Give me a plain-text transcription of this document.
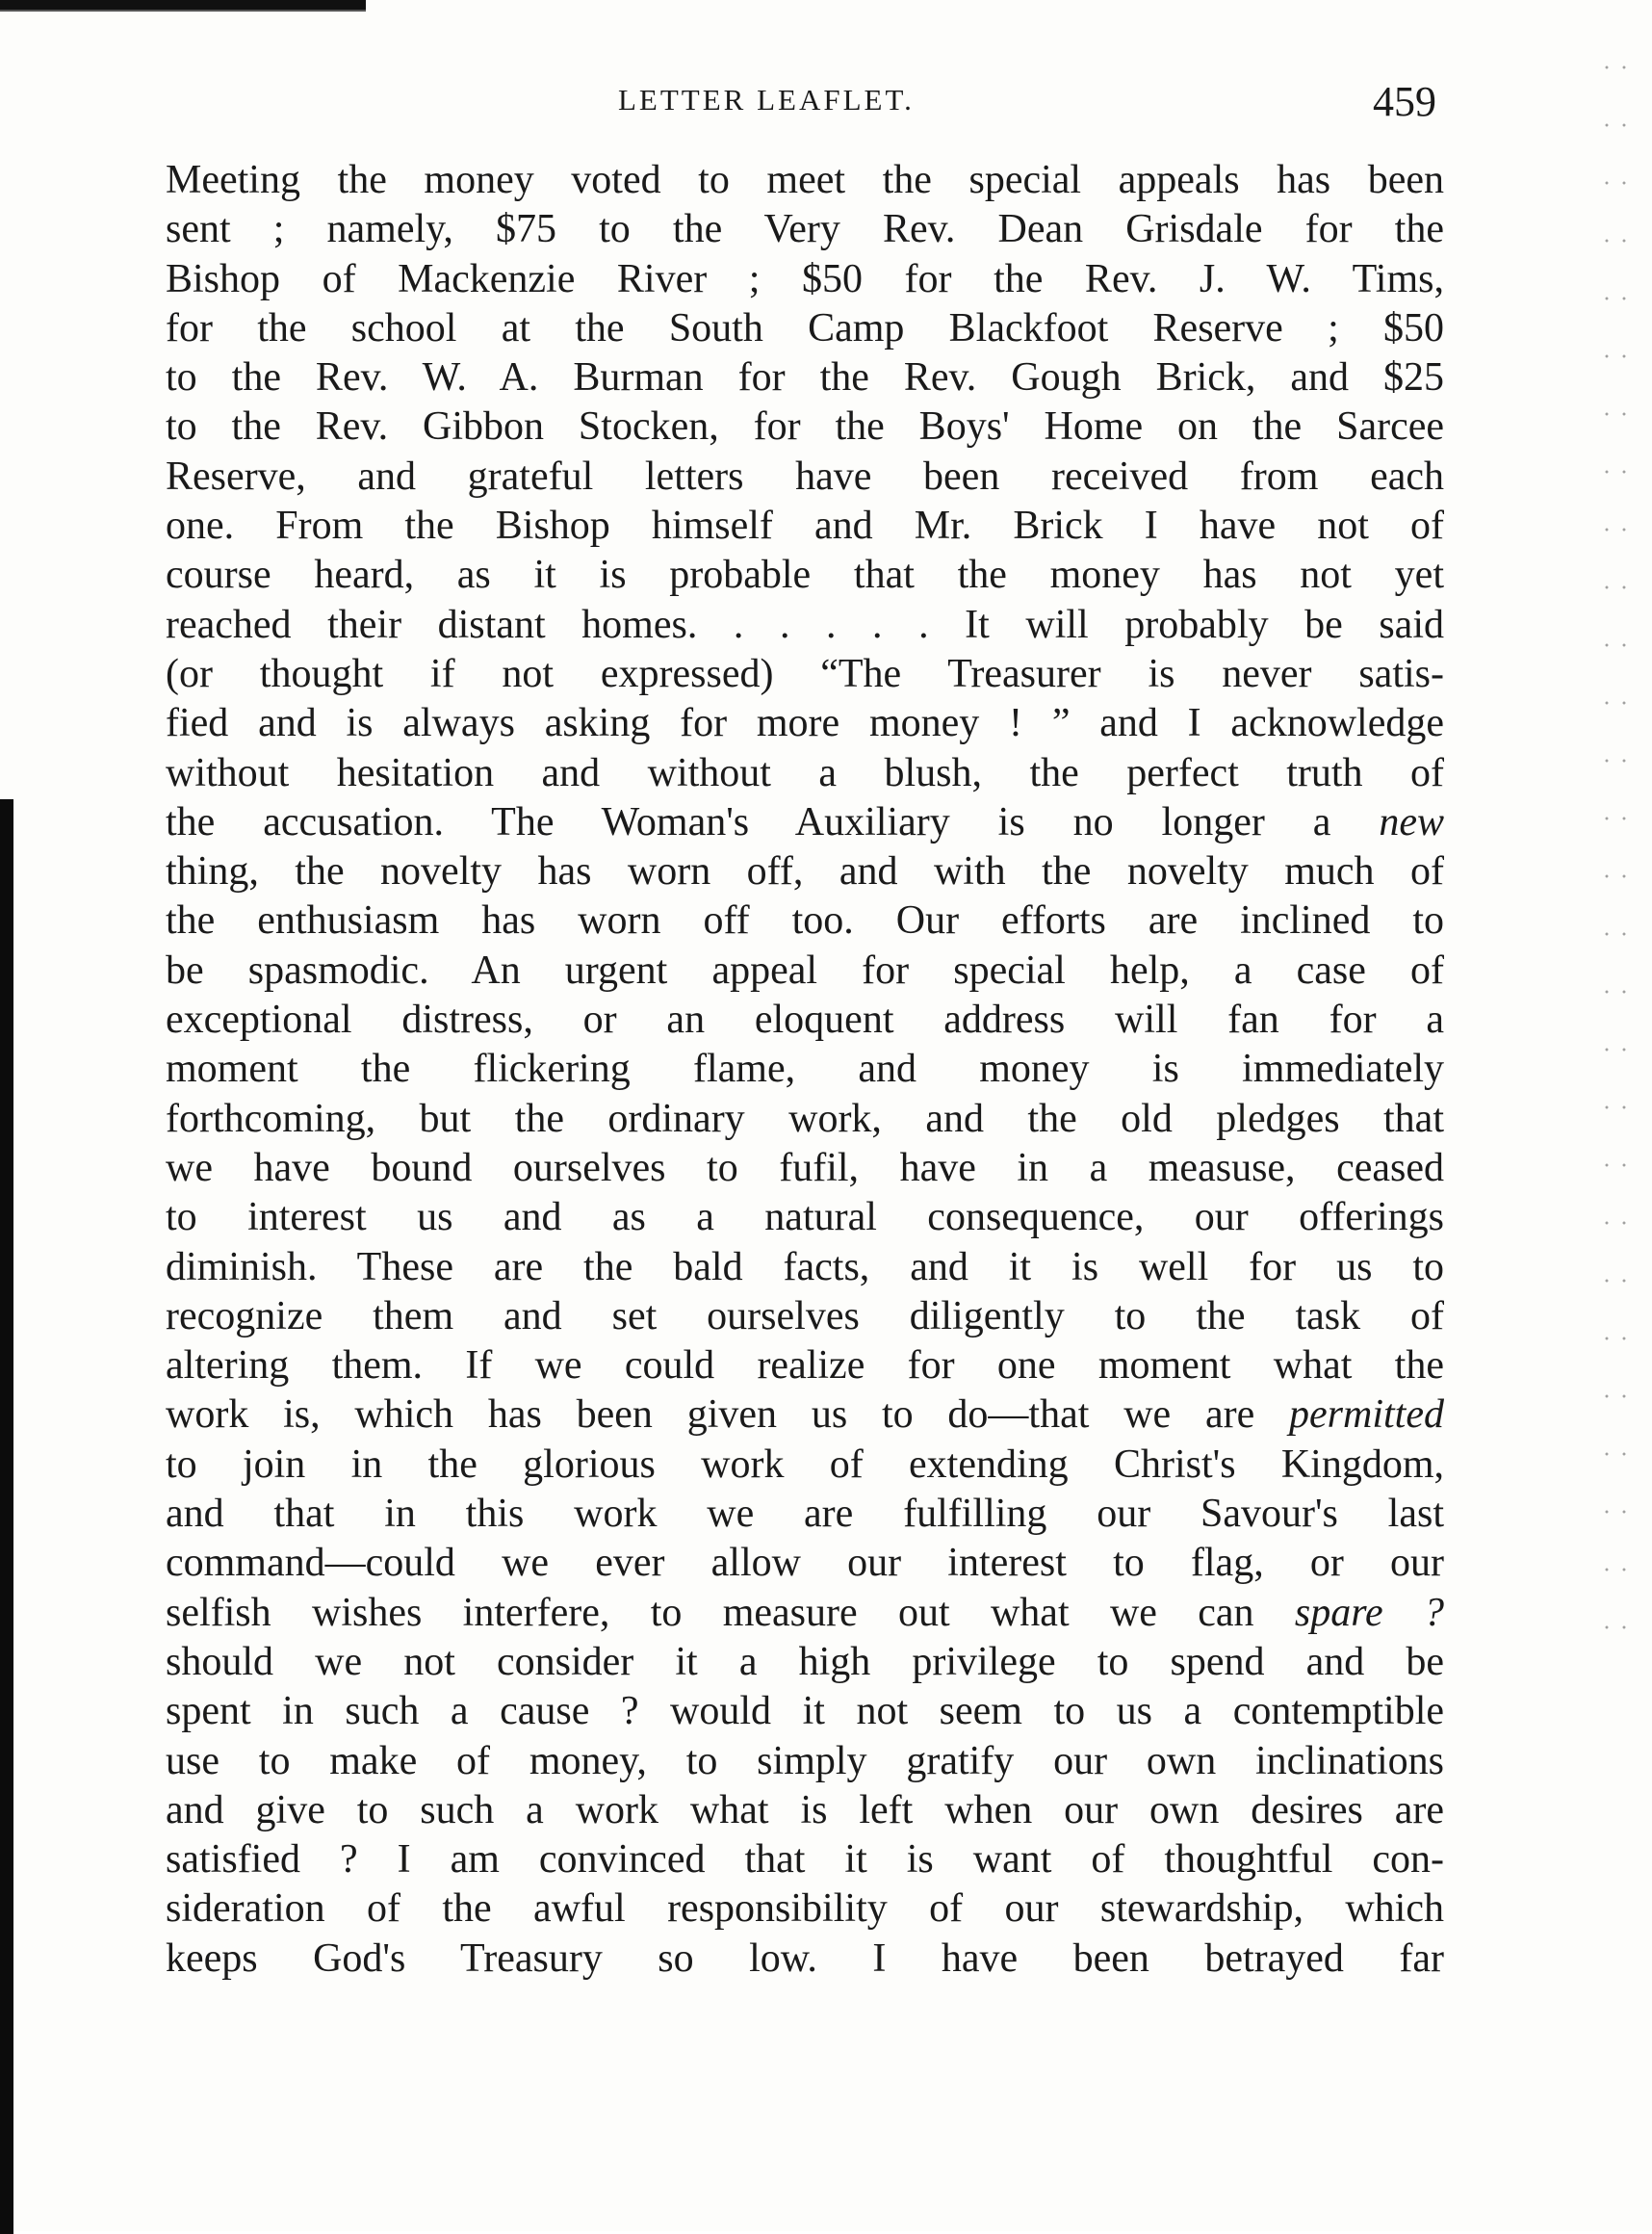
LETTER LEAFLET.	459
Meeting the money voted to meet the special appeals has been
sent ; namely, $75 to the Very Rev. Dean Grisdale for the
Bishop of Mackenzie River ; $50 for the Rev. J. W. Tims,
for the school at the South Camp Blackfoot Reserve ; $50
to the Rev. W. A. Burman for the Rev. Gough Brick, and $25
to the Rev. Gibbon Stocken, for the Boys' Home on the Sarcee
Reserve, and grateful letters have been received from each
one. From the Bishop himself and Mr. Brick I have not of
course heard, as it is probable that the money has not yet
reached their distant homes. . . . . . It will probably be said
(or thought if not expressed) “The Treasurer is never satis-
fied and is always asking for more money ! ” and I acknowledge
without hesitation and without a blush, the perfect truth of
the accusation. The Woman's Auxiliary is no longer a new
thing, the novelty has worn off, and with the novelty much of
the enthusiasm has worn off too. Our efforts are inclined to
be spasmodic. An urgent appeal for special help, a case of
exceptional distress, or an eloquent address will fan for a
moment the flickering flame, and money is immediately
forthcoming, but the ordinary work, and the old pledges that
we have bound ourselves to fufil, have in a measuse, ceased
to interest us and as a natural consequence, our offerings
diminish. These are the bald facts, and it is well for us to
recognize them and set ourselves diligently to the task of
altering them. If we could realize for one moment what the
work is, which has been given us to do—that we are permitted
to join in the glorious work of extending Christ's Kingdom,
and that in this work we are fulfilling our Savour's last
command—could we ever allow our interest to flag, or our
selfish wishes interfere, to measure out what we can spare ?
should we not consider it a high privilege to spend and be
spent in such a cause ? would it not seem to us a contemptible
use to make of money, to simply gratify our own inclinations
and give to such a work what is left when our own desires are
satisfied ? I am convinced that it is want of thoughtful con-
sideration of the awful responsibility of our stewardship, which
keeps God's Treasury so low. I have been betrayed far
